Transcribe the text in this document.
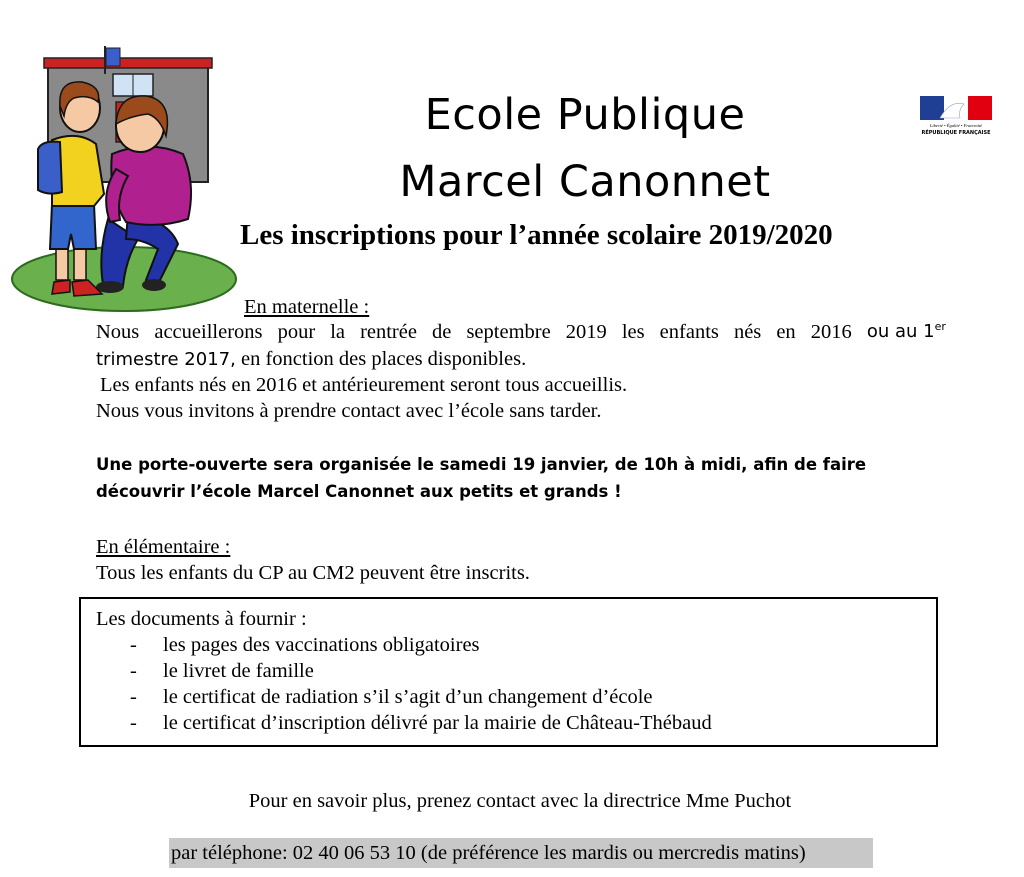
Ecole Publique
Marcel Canonnet
Les inscriptions pour l’année scolaire 2019/2020
Liberté • Égalité • Fraternité
RÉPUBLIQUE FRANÇAISE
En maternelle :
Nous accueillerons pour la rentrée de septembre 2019 les enfants nés en 2016 ou au 1er
trimestre 2017, en fonction des places disponibles.
Les enfants nés en 2016 et antérieurement seront tous accueillis.
Nous vous invitons à prendre contact avec l’école sans tarder.
Une porte-ouverte sera organisée le samedi 19 janvier, de 10h à midi, afin de faire
découvrir l’école Marcel Canonnet aux petits et grands !
En élémentaire :
Tous les enfants du CP au CM2 peuvent être inscrits.
Les documents à fournir :
- les pages des vaccinations obligatoires
- le livret de famille
- le certificat de radiation s’il s’agit d’un changement d’école
- le certificat d’inscription délivré par la mairie de Château-Thébaud
Pour en savoir plus, prenez contact avec la directrice Mme Puchot
par téléphone: 02 40 06 53 10 (de préférence les mardis ou mercredis matins)
